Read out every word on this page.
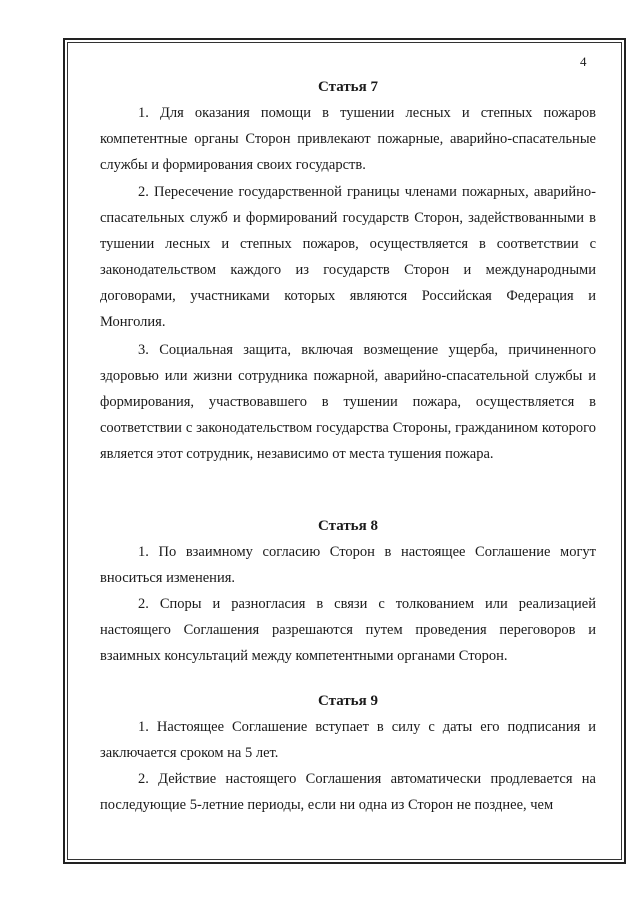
4
Статья 7

1. Для оказания помощи в тушении лесных и степных пожаров компетентные органы Сторон привлекают пожарные, аварийно-спасательные службы и формирования своих государств.

2. Пересечение государственной границы членами пожарных, аварийно-спасательных служб и формирований государств Сторон, задействованными в тушении лесных и степных пожаров, осуществляется в соответствии с законодательством каждого из государств Сторон и международными договорами, участниками которых являются Российская Федерация и Монголия.

3. Социальная защита, включая возмещение ущерба, причиненного здоровью или жизни сотрудника пожарной, аварийно-спасательной службы и формирования, участвовавшего в тушении пожара, осуществляется в соответствии с законодательством государства Стороны, гражданином которого является этот сотрудник, независимо от места тушения пожара.

Статья 8

1. По взаимному согласию Сторон в настоящее Соглашение могут вноситься изменения.

2. Споры и разногласия в связи с толкованием или реализацией настоящего Соглашения разрешаются путем проведения переговоров и взаимных консультаций между компетентными органами Сторон.

Статья 9

1. Настоящее Соглашение вступает в силу с даты его подписания и заключается сроком на 5 лет.

2. Действие настоящего Соглашения автоматически продлевается на последующие 5-летние периоды, если ни одна из Сторон не позднее, чем
